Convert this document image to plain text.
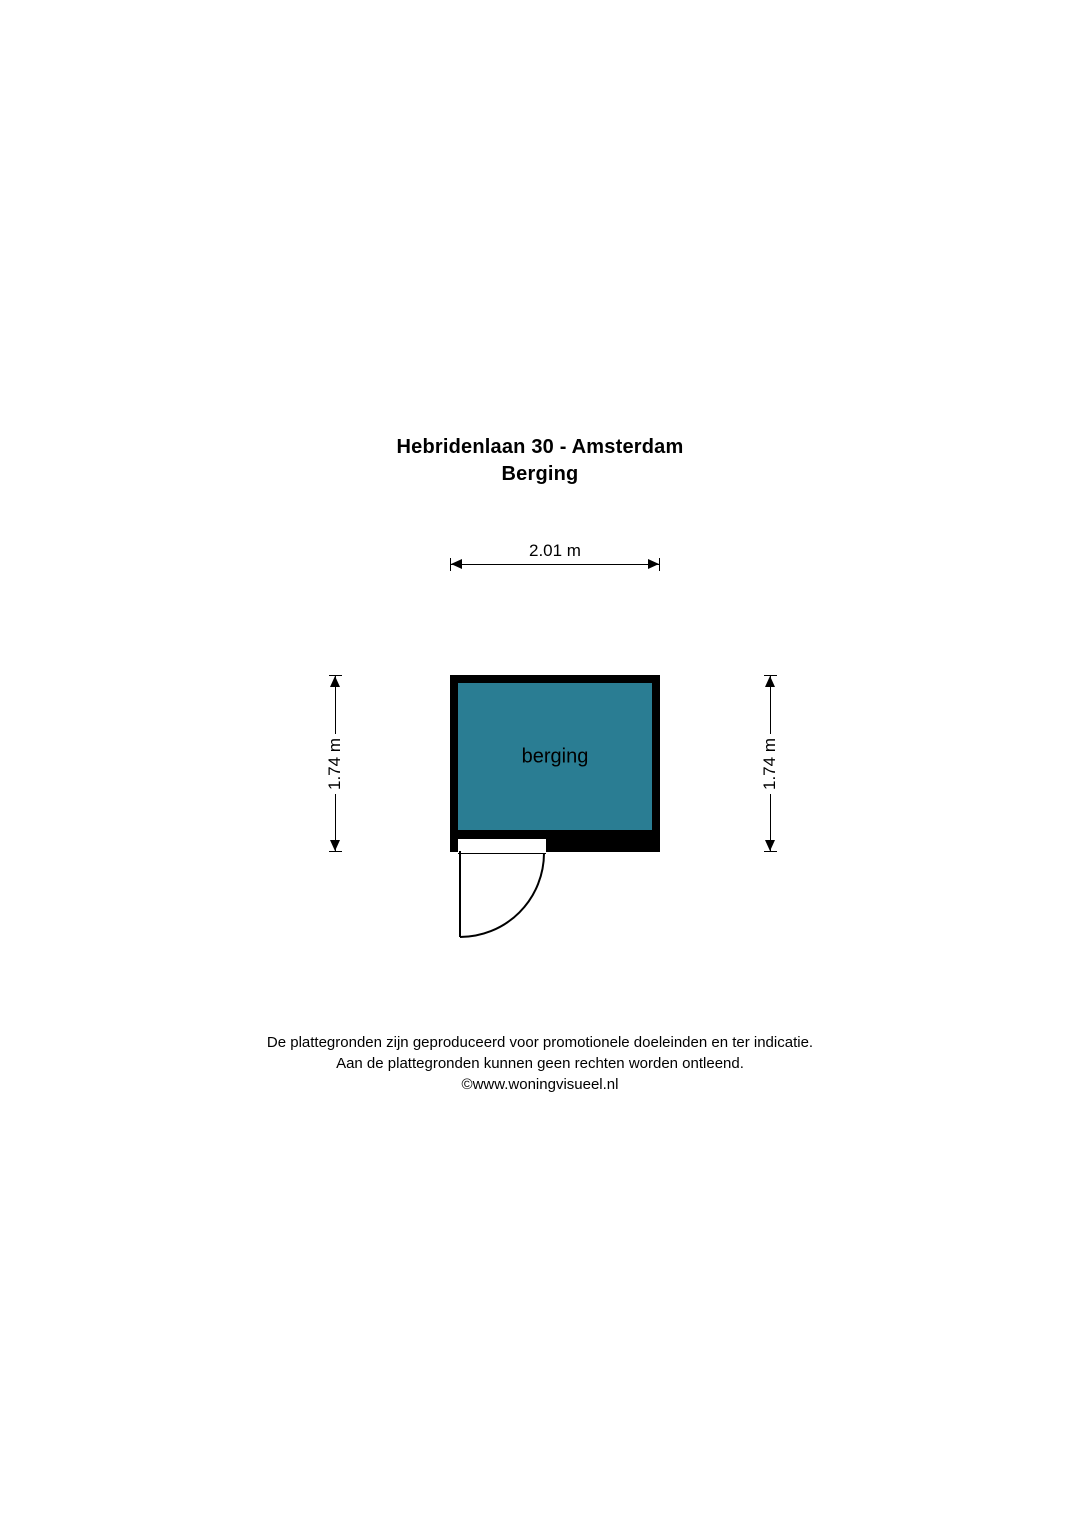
Hebridenlaan 30 - Amsterdam
Berging
2.01 m
1.74 m	1.74 m
berging
De plattegronden zijn geproduceerd voor promotionele doeleinden en ter indicatie.
Aan de plattegronden kunnen geen rechten worden ontleend.
©www.woningvisueel.nl
